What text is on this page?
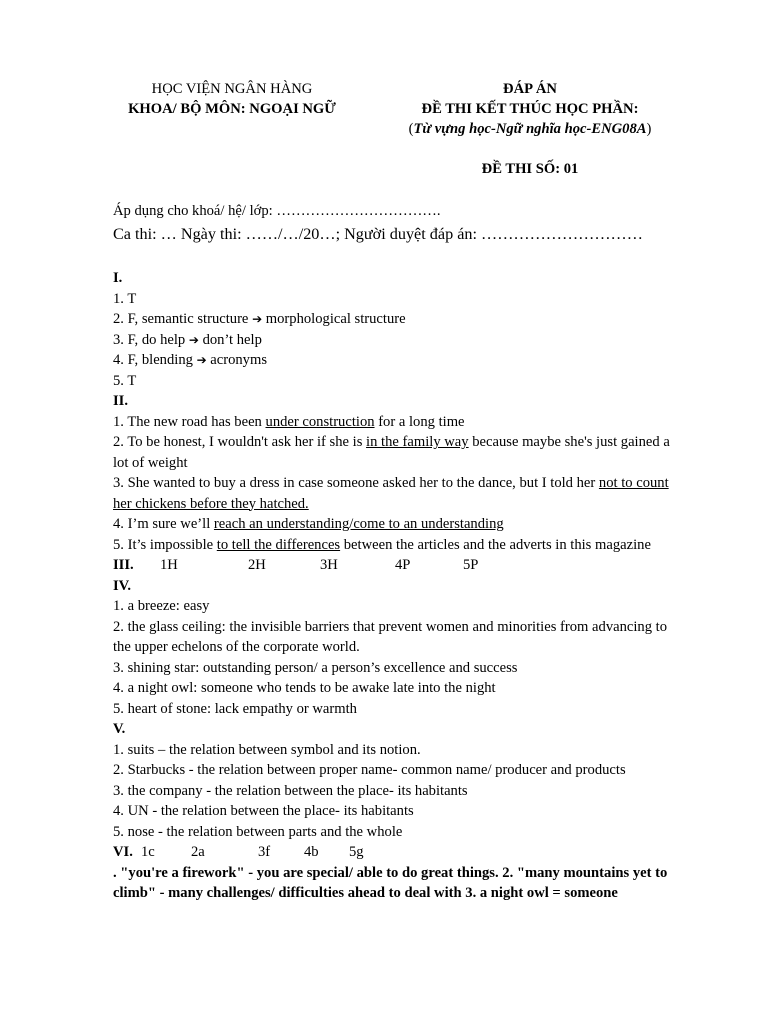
HỌC VIỆN NGÂN HÀNG
KHOA/ BỘ MÔN: NGOẠI NGỮ
ĐÁP ÁN
ĐỀ THI KẾT THÚC HỌC PHẦN:
(Từ vựng học-Ngữ nghĩa học-ENG08A)
ĐỀ THI SỐ: 01
Áp dụng cho khoá/ hệ/ lớp: …………………………….
Ca thi: … Ngày thi: ……/…/20…; Người duyệt đáp án: …………………………

I.

1. T

2. F, semantic structure ➔ morphological structure

3. F, do help ➔ don’t help

4. F, blending ➔ acronyms

5. T

II.

1. The new road has been under construction for a long time

2. To be honest, I wouldn't ask her if she is in the family way because maybe she's just gained a lot of weight

3. She wanted to buy a dress in case someone asked her to the dance, but I told her not to count her chickens before they hatched.

4. I’m sure we’ll reach an understanding/come to an understanding

5. It’s impossible to tell the differences between the articles and the adverts in this magazine

III.	1H	2H	3H	4P	5P

IV.

1. a breeze: easy

2. the glass ceiling: the invisible barriers that prevent women and minorities from advancing to the upper echelons of the corporate world.

3. shining star: outstanding person/ a person’s excellence and success

4. a night owl: someone who tends to be awake late into the night

5. heart of stone: lack empathy or warmth

V.

1. suits – the relation between symbol and its notion.

2. Starbucks - the relation between proper name- common name/ producer and products

3. the company - the relation between the place- its habitants

4. UN - the relation between the place- its habitants

5. nose - the relation between parts and the whole

VI. 1c	2a	3f	4b	5g

. "you're a firework" - you are special/ able to do great things. 2. "many mountains yet to climb" - many challenges/ difficulties ahead to deal with 3. a night owl = someone
